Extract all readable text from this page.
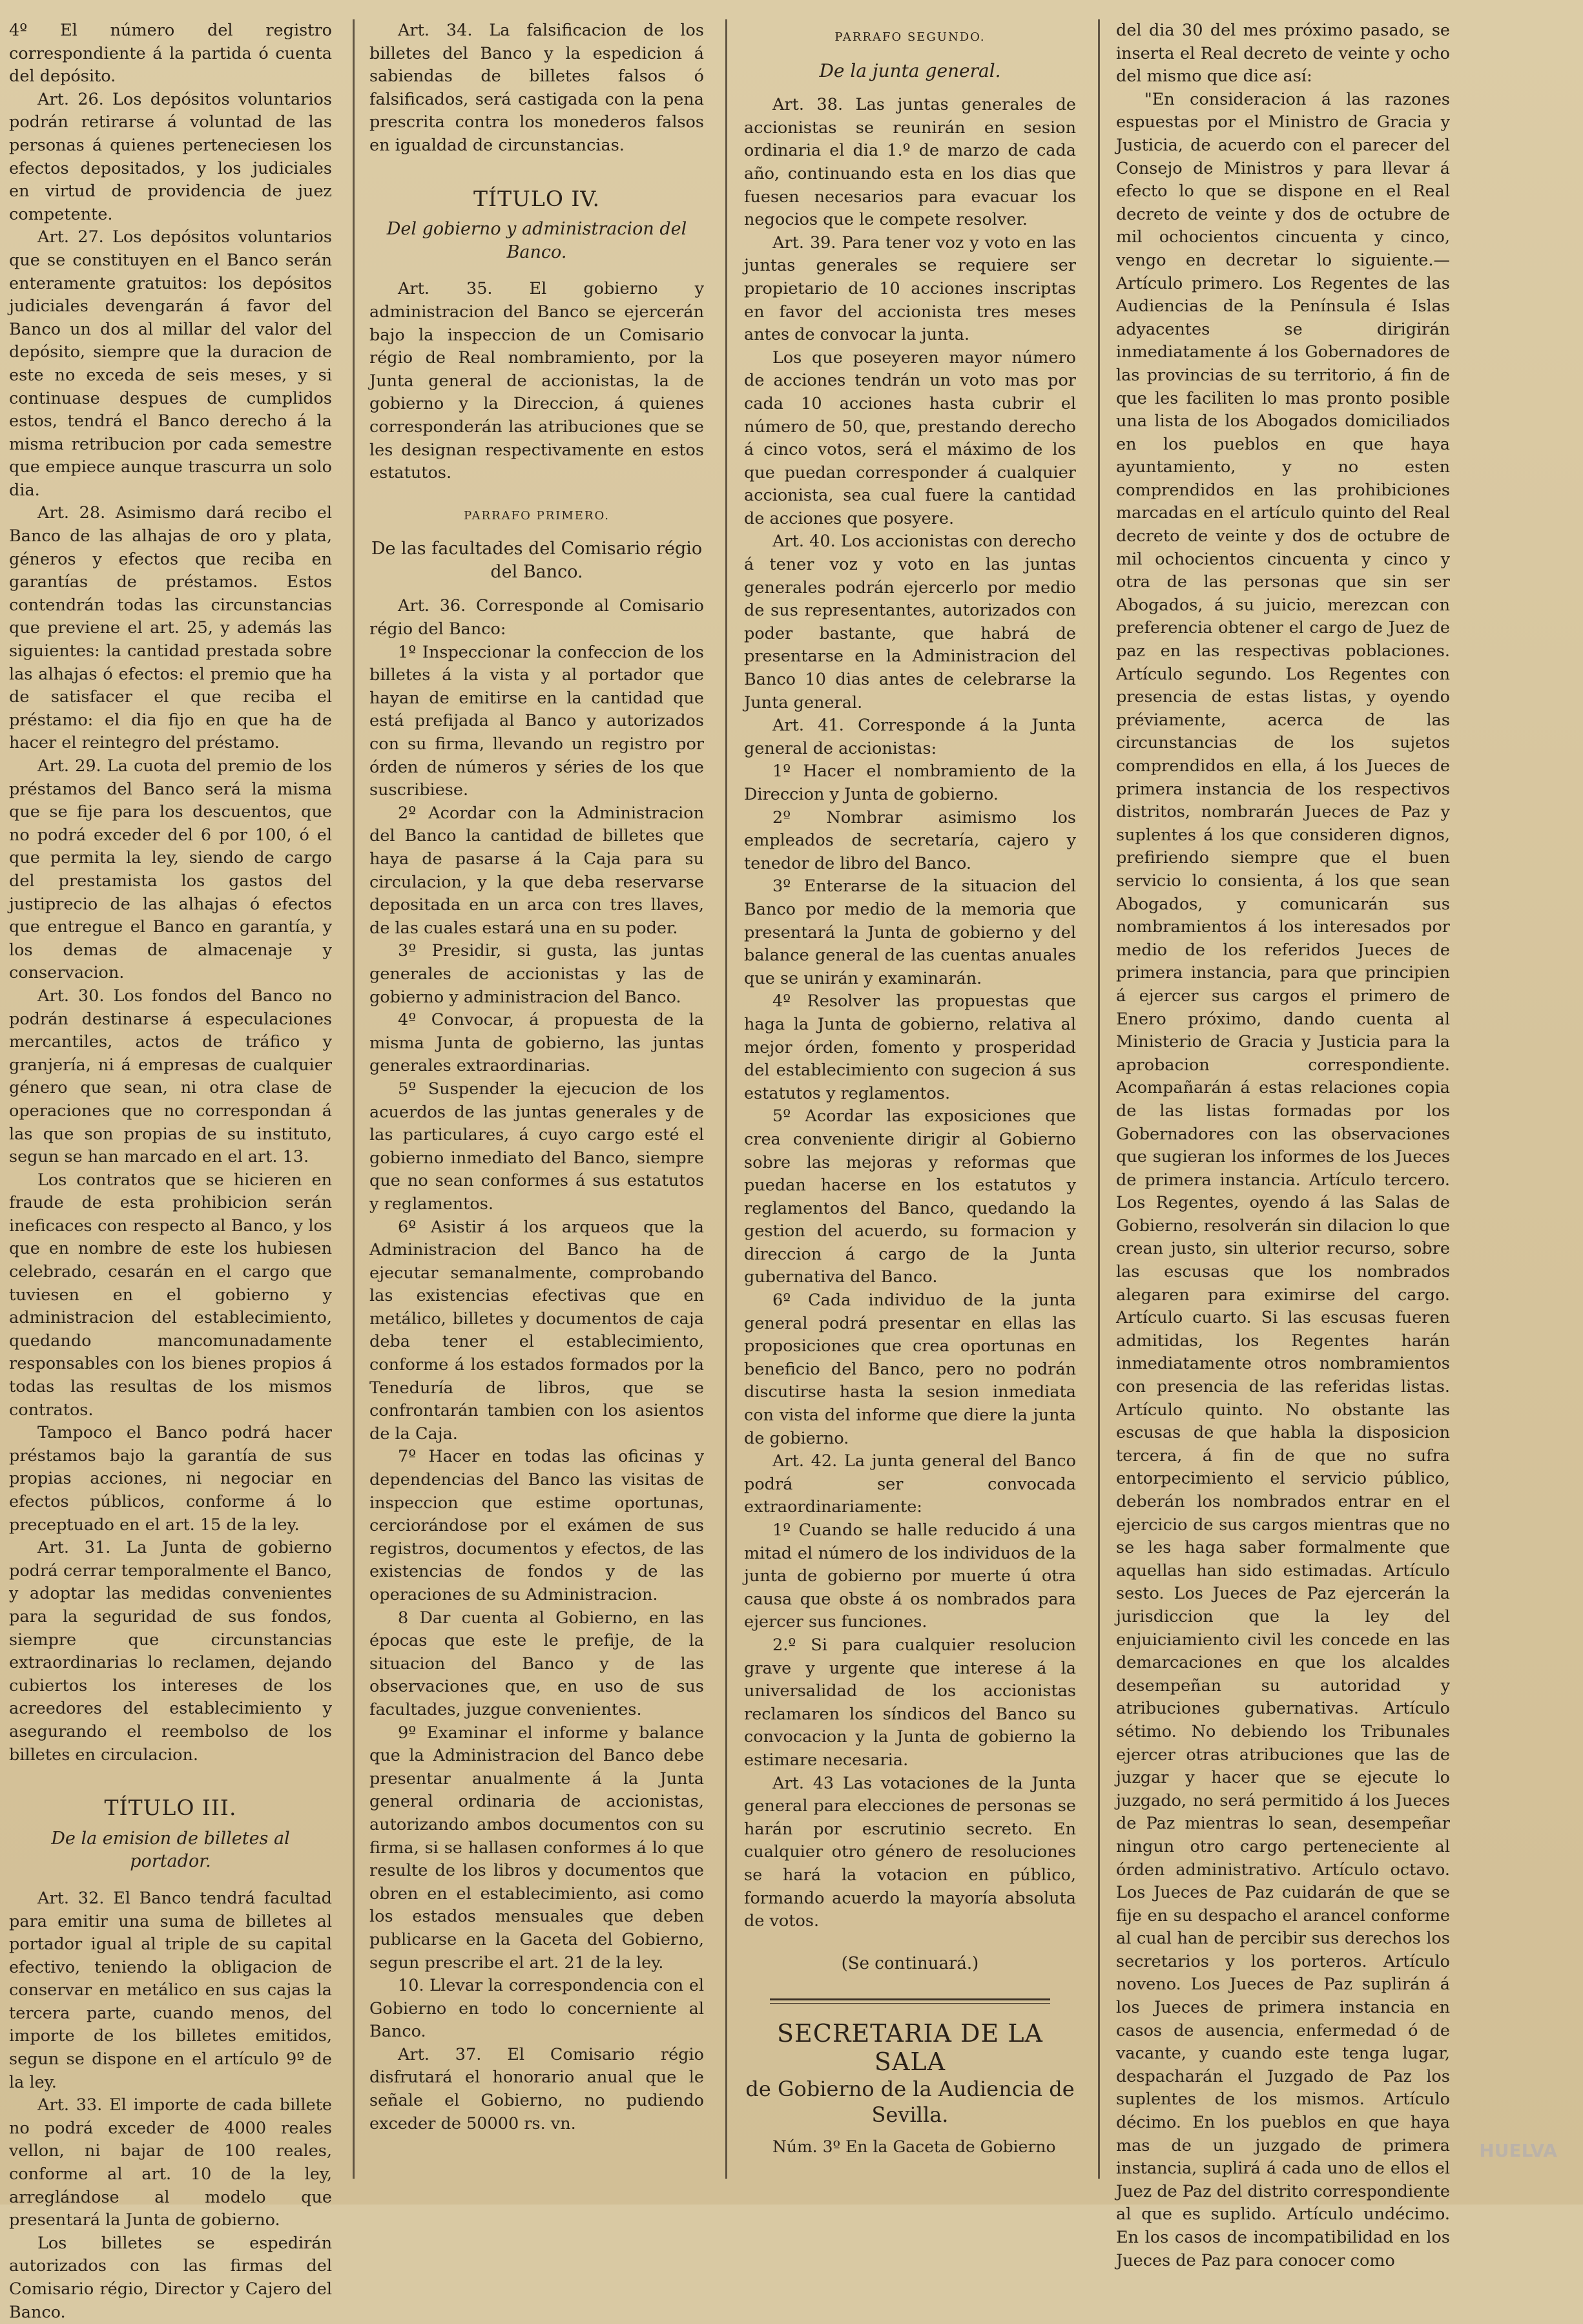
4º El número del registro correspondiente á la partida ó cuenta del depósito.

Art. 26. Los depósitos voluntarios podrán retirarse á voluntad de las personas á quienes perteneciesen los efectos depositados, y los judiciales en virtud de providencia de juez competente.

Art. 27. Los depósitos voluntarios que se constituyen en el Banco serán enteramente gratuitos: los depósitos judiciales devengarán á favor del Banco un dos al millar del valor del depósito, siempre que la duracion de este no exceda de seis meses, y si continuase despues de cumplidos estos, tendrá el Banco derecho á la misma retribucion por cada semestre que empiece aunque trascurra un solo dia.

Art. 28. Asimismo dará recibo el Banco de las alhajas de oro y plata, géneros y efectos que reciba en garantías de préstamos. Estos contendrán todas las circunstancias que previene el art. 25, y además las siguientes: la cantidad prestada sobre las alhajas ó efectos: el premio que ha de satisfacer el que reciba el préstamo: el dia fijo en que ha de hacer el reintegro del préstamo.

Art. 29. La cuota del premio de los préstamos del Banco será la misma que se fije para los descuentos, que no podrá exceder del 6 por 100, ó el que permita la ley, siendo de cargo del prestamista los gastos del justiprecio de las alhajas ó efectos que entregue el Banco en garantía, y los demas de almacenaje y conservacion.

Art. 30. Los fondos del Banco no podrán destinarse á especulaciones mercantiles, actos de tráfico y granjería, ni á empresas de cualquier género que sean, ni otra clase de operaciones que no correspondan á las que son propias de su instituto, segun se han marcado en el art. 13.

Los contratos que se hicieren en fraude de esta prohibicion serán ineficaces con respecto al Banco, y los que en nombre de este los hubiesen celebrado, cesarán en el cargo que tuviesen en el gobierno y administracion del establecimiento, quedando mancomunadamente responsables con los bienes propios á todas las resultas de los mismos contratos.

Tampoco el Banco podrá hacer préstamos bajo la garantía de sus propias acciones, ni negociar en efectos públicos, conforme á lo preceptuado en el art. 15 de la ley.

Art. 31. La Junta de gobierno podrá cerrar temporalmente el Banco, y adoptar las medidas convenientes para la seguridad de sus fondos, siempre que circunstancias extraordinarias lo reclamen, dejando cubiertos los intereses de los acreedores del establecimiento y asegurando el reembolso de los billetes en circulacion.

TÍTULO III.
De la emision de billetes al portador.

Art. 32. El Banco tendrá facultad para emitir una suma de billetes al portador igual al triple de su capital efectivo, teniendo la obligacion de conservar en metálico en sus cajas la tercera parte, cuando menos, del importe de los billetes emitidos, segun se dispone en el artículo 9º de la ley.

Art. 33. El importe de cada billete no podrá exceder de 4000 reales vellon, ni bajar de 100 reales, conforme al art. 10 de la ley, arreglándose al modelo que presentará la Junta de gobierno.

Los billetes se espedirán autorizados con las firmas del Comisario régio, Director y Cajero del Banco.

Art. 34. La falsificacion de los billetes del Banco y la espedicion á sabiendas de billetes falsos ó falsificados, será castigada con la pena prescrita contra los monederos falsos en igualdad de circunstancias.

TÍTULO IV.
Del gobierno y administracion del Banco.

Art. 35. El gobierno y administracion del Banco se ejercerán bajo la inspeccion de un Comisario régio de Real nombramiento, por la Junta general de accionistas, la de gobierno y la Direccion, á quienes corresponderán las atribuciones que se les designan respectivamente en estos estatutos.

PARRAFO PRIMERO.
De las facultades del Comisario régio del Banco.

Art. 36. Corresponde al Comisario régio del Banco:

1º Inspeccionar la confeccion de los billetes á la vista y al portador que hayan de emitirse en la cantidad que está prefijada al Banco y autorizados con su firma, llevando un registro por órden de números y séries de los que suscribiese.

2º Acordar con la Administracion del Banco la cantidad de billetes que haya de pasarse á la Caja para su circulacion, y la que deba reservarse depositada en un arca con tres llaves, de las cuales estará una en su poder.

3º Presidir, si gusta, las juntas generales de accionistas y las de gobierno y administracion del Banco.

4º Convocar, á propuesta de la misma Junta de gobierno, las juntas generales extraordinarias.

5º Suspender la ejecucion de los acuerdos de las juntas generales y de las particulares, á cuyo cargo esté el gobierno inmediato del Banco, siempre que no sean conformes á sus estatutos y reglamentos.

6º Asistir á los arqueos que la Administracion del Banco ha de ejecutar semanalmente, comprobando las existencias efectivas que en metálico, billetes y documentos de caja deba tener el establecimiento, conforme á los estados formados por la Teneduría de libros, que se confrontarán tambien con los asientos de la Caja.

7º Hacer en todas las oficinas y dependencias del Banco las visitas de inspeccion que estime oportunas, cerciorándose por el exámen de sus registros, documentos y efectos, de las existencias de fondos y de las operaciones de su Administracion.

8 Dar cuenta al Gobierno, en las épocas que este le prefije, de la situacion del Banco y de las observaciones que, en uso de sus facultades, juzgue convenientes.

9º Examinar el informe y balance que la Administracion del Banco debe presentar anualmente á la Junta general ordinaria de accionistas, autorizando ambos documentos con su firma, si se hallasen conformes á lo que resulte de los libros y documentos que obren en el establecimiento, asi como los estados mensuales que deben publicarse en la Gaceta del Gobierno, segun prescribe el art. 21 de la ley.

10. Llevar la correspondencia con el Gobierno en todo lo concerniente al Banco.

Art. 37. El Comisario régio disfrutará el honorario anual que le señale el Gobierno, no pudiendo exceder de 50000 rs. vn.

PARRAFO SEGUNDO.
De la junta general.

Art. 38. Las juntas generales de accionistas se reunirán en sesion ordinaria el dia 1.º de marzo de cada año, continuando esta en los dias que fuesen necesarios para evacuar los negocios que le compete resolver.

Art. 39. Para tener voz y voto en las juntas generales se requiere ser propietario de 10 acciones inscriptas en favor del accionista tres meses antes de convocar la junta.

Los que poseyeren mayor número de acciones tendrán un voto mas por cada 10 acciones hasta cubrir el número de 50, que, prestando derecho á cinco votos, será el máximo de los que puedan corresponder á cualquier accionista, sea cual fuere la cantidad de acciones que posyere.

Art. 40. Los accionistas con derecho á tener voz y voto en las juntas generales podrán ejercerlo por medio de sus representantes, autorizados con poder bastante, que habrá de presentarse en la Administracion del Banco 10 dias antes de celebrarse la Junta general.

Art. 41. Corresponde á la Junta general de accionistas:

1º Hacer el nombramiento de la Direccion y Junta de gobierno.

2º Nombrar asimismo los empleados de secretaría, cajero y tenedor de libro del Banco.

3º Enterarse de la situacion del Banco por medio de la memoria que presentará la Junta de gobierno y del balance general de las cuentas anuales que se unirán y examinarán.

4º Resolver las propuestas que haga la Junta de gobierno, relativa al mejor órden, fomento y prosperidad del establecimiento con sugecion á sus estatutos y reglamentos.

5º Acordar las exposiciones que crea conveniente dirigir al Gobierno sobre las mejoras y reformas que puedan hacerse en los estatutos y reglamentos del Banco, quedando la gestion del acuerdo, su formacion y direccion á cargo de la Junta gubernativa del Banco.

6º Cada individuo de la junta general podrá presentar en ellas las proposiciones que crea oportunas en beneficio del Banco, pero no podrán discutirse hasta la sesion inmediata con vista del informe que diere la junta de gobierno.

Art. 42. La junta general del Banco podrá ser convocada extraordinariamente:

1º Cuando se halle reducido á una mitad el número de los individuos de la junta de gobierno por muerte ú otra causa que obste á os nombrados para ejercer sus funciones.

2.º Si para cualquier resolucion grave y urgente que interese á la universalidad de los accionistas reclamaren los síndicos del Banco su convocacion y la Junta de gobierno la estimare necesaria.

Art. 43 Las votaciones de la Junta general para elecciones de personas se harán por escrutinio secreto. En cualquier otro género de resoluciones se hará la votacion en público, formando acuerdo la mayoría absoluta de votos.

(Se continuará.)
SECRETARIA DE LA SALA
de Gobierno de la Audiencia de Sevilla.

Núm. 3º En la Gaceta de Gobierno

del dia 30 del mes próximo pasado, se inserta el Real decreto de veinte y ocho del mismo que dice así:

"En consideracion á las razones espuestas por el Ministro de Gracia y Justicia, de acuerdo con el parecer del Consejo de Ministros y para llevar á efecto lo que se dispone en el Real decreto de veinte y dos de octubre de mil ochocientos cincuenta y cinco, vengo en decretar lo siguiente.—Artículo primero. Los Regentes de las Audiencias de la Península é Islas adyacentes se dirigirán inmediatamente á los Gobernadores de las provincias de su territorio, á fin de que les faciliten lo mas pronto posible una lista de los Abogados domiciliados en los pueblos en que haya ayuntamiento, y no esten comprendidos en las prohibiciones marcadas en el artículo quinto del Real decreto de veinte y dos de octubre de mil ochocientos cincuenta y cinco y otra de las personas que sin ser Abogados, á su juicio, merezcan con preferencia obtener el cargo de Juez de paz en las respectivas poblaciones. Artículo segundo. Los Regentes con presencia de estas listas, y oyendo préviamente, acerca de las circunstancias de los sujetos comprendidos en ella, á los Jueces de primera instancia de los respectivos distritos, nombrarán Jueces de Paz y suplentes á los que consideren dignos, prefiriendo siempre que el buen servicio lo consienta, á los que sean Abogados, y comunicarán sus nombramientos á los interesados por medio de los referidos Jueces de primera instancia, para que principien á ejercer sus cargos el primero de Enero próximo, dando cuenta al Ministerio de Gracia y Justicia para la aprobacion correspondiente. Acompañarán á estas relaciones copia de las listas formadas por los Gobernadores con las observaciones que sugieran los informes de los Jueces de primera instancia. Artículo tercero. Los Regentes, oyendo á las Salas de Gobierno, resolverán sin dilacion lo que crean justo, sin ulterior recurso, sobre las escusas que los nombrados alegaren para eximirse del cargo. Artículo cuarto. Si las escusas fueren admitidas, los Regentes harán inmediatamente otros nombramientos con presencia de las referidas listas. Artículo quinto. No obstante las escusas de que habla la disposicion tercera, á fin de que no sufra entorpecimiento el servicio público, deberán los nombrados entrar en el ejercicio de sus cargos mientras que no se les haga saber formalmente que aquellas han sido estimadas. Artículo sesto. Los Jueces de Paz ejercerán la jurisdiccion que la ley del enjuiciamiento civil les concede en las demarcaciones en que los alcaldes desempeñan su autoridad y atribuciones gubernativas. Artículo sétimo. No debiendo los Tribunales ejercer otras atribuciones que las de juzgar y hacer que se ejecute lo juzgado, no será permitido á los Jueces de Paz mientras lo sean, desempeñar ningun otro cargo perteneciente al órden administrativo. Artículo octavo. Los Jueces de Paz cuidarán de que se fije en su despacho el arancel conforme al cual han de percibir sus derechos los secretarios y los porteros. Artículo noveno. Los Jueces de Paz suplirán á los Jueces de primera instancia en casos de ausencia, enfermedad ó de vacante, y cuando este tenga lugar, despacharán el Juzgado de Paz los suplentes de los mismos. Artículo décimo. En los pueblos en que haya mas de un juzgado de primera instancia, suplirá á cada uno de ellos el Juez de Paz del distrito correspondiente al que es suplido. Artículo undécimo. En los casos de incompatibilidad en los Jueces de Paz para conocer como

HUELVA
